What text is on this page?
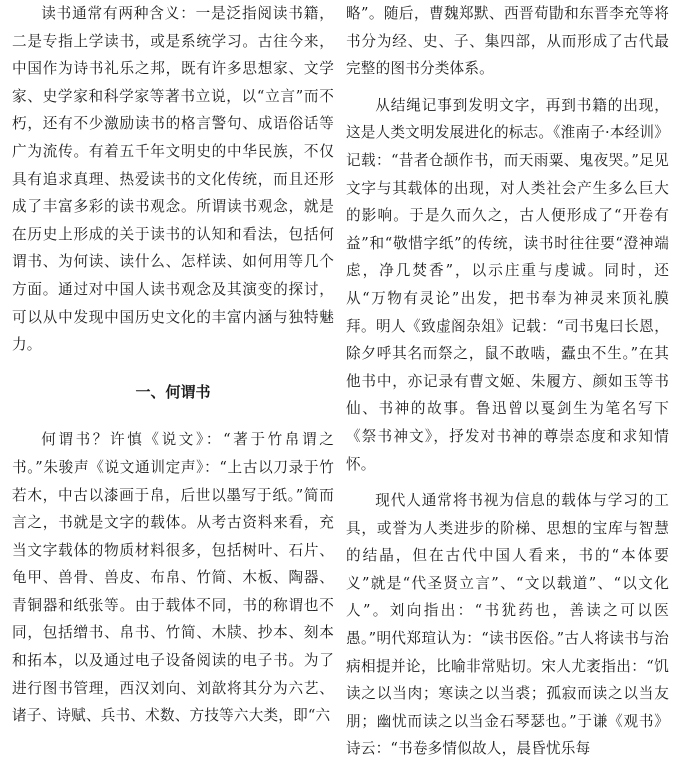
读书通常有两种含义：一是泛指阅读书籍，二是专指上学读书，或是系统学习。古往今来，中国作为诗书礼乐之邦，既有许多思想家、文学家、史学家和科学家等著书立说，以“立言”而不朽，还有不少激励读书的格言警句、成语俗话等广为流传。有着五千年文明史的中华民族，不仅具有追求真理、热爱读书的文化传统，而且还形成了丰富多彩的读书观念。所谓读书观念，就是在历史上形成的关于读书的认知和看法，包括何谓书、为何读、读什么、怎样读、如何用等几个方面。通过对中国人读书观念及其演变的探讨，可以从中发现中国历史文化的丰富内涵与独特魅力。

一、何谓书

何谓书？许慎《说文》：“著于竹帛谓之书。”朱骏声《说文通训定声》：“上古以刀录于竹若木，中古以漆画于帛，后世以墨写于纸。”简而言之，书就是文字的载体。从考古资料来看，充当文字载体的物质材料很多，包括树叶、石片、龟甲、兽骨、兽皮、布帛、竹简、木板、陶器、青铜器和纸张等。由于载体不同，书的称谓也不同，包括缯书、帛书、竹简、木牍、抄本、刻本和拓本，以及通过电子设备阅读的电子书。为了进行图书管理，西汉刘向、刘歆将其分为六艺、诸子、诗赋、兵书、术数、方技等六大类，即“六

略”。随后，曹魏郑默、西晋荀勖和东晋李充等将书分为经、史、子、集四部，从而形成了古代最完整的图书分类体系。

从结绳记事到发明文字，再到书籍的出现，这是人类文明发展进化的标志。《淮南子·本经训》记载：“昔者仓颉作书，而天雨粟、鬼夜哭。”足见文字与其载体的出现，对人类社会产生多么巨大的影响。于是久而久之，古人便形成了“开卷有益”和“敬惜字纸”的传统，读书时往往要“澄神端虑，净几焚香”，以示庄重与虔诚。同时，还从“万物有灵论”出发，把书奉为神灵来顶礼膜拜。明人《致虚阁杂俎》记载：“司书鬼曰长恩，除夕呼其名而祭之，鼠不敢啮，蠹虫不生。”在其他书中，亦记录有曹文姬、朱履方、颜如玉等书仙、书神的故事。鲁迅曾以戛剑生为笔名写下《祭书神文》，抒发对书神的尊崇态度和求知情怀。

现代人通常将书视为信息的载体与学习的工具，或誉为人类进步的阶梯、思想的宝库与智慧的结晶，但在古代中国人看来，书的“本体要义”就是“代圣贤立言”、“文以载道”、“以文化人”。刘向指出：“书犹药也，善读之可以医愚。”明代郑瑄认为：“读书医俗。”古人将读书与治病相提并论，比喻非常贴切。宋人尤袤指出：“饥读之以当肉；寒读之以当裘；孤寂而读之以当友朋；幽忧而读之以当金石琴瑟也。”于谦《观书》诗云：“书卷多情似故人，晨昏忧乐每
